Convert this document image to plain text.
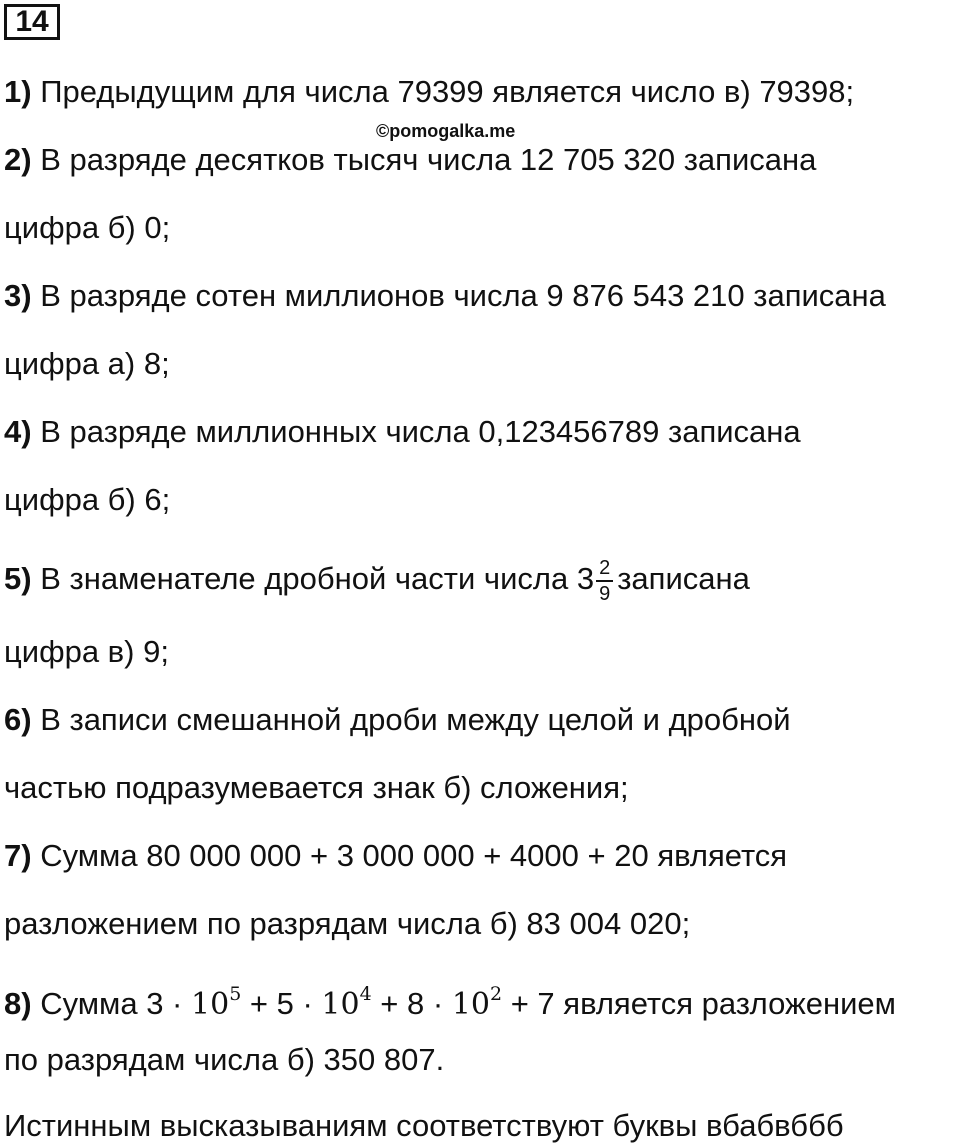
14
1) Предыдущим для числа 79399 является число в) 79398;
©pomogalka.me
2) В разряде десятков тысяч числа 12 705 320 записана
цифра б) 0;
3) В разряде сотен миллионов числа 9 876 543 210 записана
цифра а) 8;
4) В разряде миллионных числа 0,123456789 записана
цифра б) 6;
5) В знаменателе дробной части числа $3 \frac{2}{9}$ записана
цифра в) 9;
6) В записи смешанной дроби между целой и дробной
частью подразумевается знак б) сложения;
7) Сумма 80 000 000 + 3 000 000 + 4000 + 20 является
разложением по разрядам числа б) 83 004 020;
8) Сумма $3 \cdot 10^5 + 5 \cdot 10^4 + 8 \cdot 10^2 + 7$ является разложением
по разрядам числа б) 350 807.
Истинным высказываниям соответствуют буквы вбабвббб
